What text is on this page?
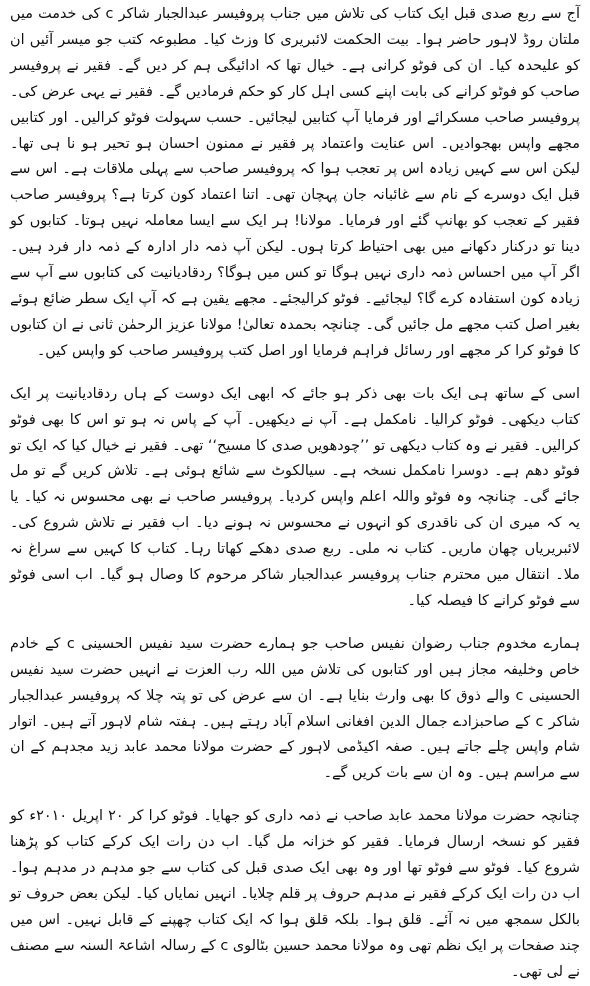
آج سے ربع صدی قبل ایک کتاب کی تلاش میں جناب پروفیسر عبدالجبار شاکر c کی خدمت میں ملتان روڈ لاہور حاضر ہوا۔ بیت الحکمت لائبریری کا وزٹ کیا۔ مطبوعہ کتب جو میسر آئیں ان کو علیحدہ کیا۔ ان کی فوٹو کرانی ہے۔ خیال تھا کہ ادائیگی ہم کر دیں گے۔ فقیر نے پروفیسر صاحب کو فوٹو کرانے کی بابت اپنے کسی اہل کار کو حکم فرمادیں گے۔ فقیر نے یہی عرض کی۔ پروفیسر صاحب مسکرائے اور فرمایا آپ کتابیں لیجائیں۔ حسب سہولت فوٹو کرالیں۔ اور کتابیں مجھے واپس بھجوادیں۔ اس عنایت واعتماد پر فقیر نے ممنون احسان ہو تحیر ہو نا ہی تھا۔ لیکن اس سے کہیں زیادہ اس پر تعجب ہوا کہ پروفیسر صاحب سے پہلی ملاقات ہے۔ اس سے قبل ایک دوسرے کے نام سے غائبانہ جان پہچان تھی۔ اتنا اعتماد کون کرتا ہے؟ پروفیسر صاحب فقیر کے تعجب کو بھانپ گئے اور فرمایا۔ مولانا! ہر ایک سے ایسا معاملہ نہیں ہوتا۔ کتابوں کو دینا تو درکنار دکھانے میں بھی احتیاط کرتا ہوں۔ لیکن آپ ذمہ دار ادارہ کے ذمہ دار فرد ہیں۔ اگر آپ میں احساس ذمہ داری نہیں ہوگا تو کس میں ہوگا؟ ردقادیانیت کی کتابوں سے آپ سے زیادہ کون استفادہ کرے گا؟ لیجائیے۔ فوٹو کرالیجئے۔ مجھے یقین ہے کہ آپ ایک سطر ضائع ہوئے بغیر اصل کتب مجھے مل جائیں گی۔ چنانچہ بحمدہ تعالیٰ! مولانا عزیز الرحمٰن ثانی نے ان کتابوں کا فوٹو کرا کر مجھے اور رسائل فراہم فرمایا اور اصل کتب پروفیسر صاحب کو واپس کیں۔

اسی کے ساتھ ہی ایک بات بھی ذکر ہو جائے کہ ابھی ایک دوست کے ہاں ردقادیانیت پر ایک کتاب دیکھی۔ فوٹو کرالیا۔ نامکمل ہے۔ آپ نے دیکھیں۔ آپ کے پاس نہ ہو تو اس کا بھی فوٹو کرالیں۔ فقیر نے وہ کتاب دیکھی تو ’’چودھویں صدی کا مسیح‘‘ تھی۔ فقیر نے خیال کیا کہ ایک تو فوٹو دھم ہے۔ دوسرا نامکمل نسخہ ہے۔ سیالکوٹ سے شائع ہوئی ہے۔ تلاش کریں گے تو مل جائے گی۔ چنانچہ وہ فوٹو واللہ اعلم واپس کردیا۔ پروفیسر صاحب نے بھی محسوس نہ کیا۔ یا یہ کہ میری ان کی ناقدری کو انہوں نے محسوس نہ ہونے دیا۔ اب فقیر نے تلاش شروع کی۔ لائبریریاں چھان ماریں۔ کتاب نہ ملی۔ ربع صدی دھکے کھاتا رہا۔ کتاب کا کہیں سے سراغ نہ ملا۔ انتقال میں محترم جناب پروفیسر عبدالجبار شاکر مرحوم کا وصال ہو گیا۔ اب اسی فوٹو سے فوٹو کرانے کا فیصلہ کیا۔

ہمارے مخدوم جناب رضوان نفیس صاحب جو ہمارے حضرت سید نفیس الحسینی c کے خادم خاص وخلیفہ مجاز ہیں اور کتابوں کی تلاش میں اللہ رب العزت نے انہیں حضرت سید نفیس الحسینی c والے ذوق کا بھی وارث بنایا ہے۔ ان سے عرض کی تو پتہ چلا کہ پروفیسر عبدالجبار شاکر c کے صاحبزادے جمال الدین افغانی اسلام آباد رہتے ہیں۔ ہفتہ شام لاہور آتے ہیں۔ اتوار شام واپس چلے جاتے ہیں۔ صفہ اکیڈمی لاہور کے حضرت مولانا محمد عابد زید مجدہم کے ان سے مراسم ہیں۔ وہ ان سے بات کریں گے۔

چنانچہ حضرت مولانا محمد عابد صاحب نے ذمہ داری کو جھایا۔ فوٹو کرا کر ۲۰ اپریل ۲۰۱۰ء کو فقیر کو نسخہ ارسال فرمایا۔ فقیر کو خزانہ مل گیا۔ اب دن رات ایک کرکے کتاب کو پڑھنا شروع کیا۔ فوٹو سے فوٹو تھا اور وہ بھی ایک صدی قبل کی کتاب سے جو مدہم در مدہم ہوا۔ اب دن رات ایک کرکے فقیر نے مدہم حروف پر قلم چلایا۔ انہیں نمایاں کیا۔ لیکن بعض حروف تو بالکل سمجھ میں نہ آئے۔ قلق ہوا۔ بلکہ قلق ہوا کہ ایک کتاب چھپنے کے قابل نہیں۔ اس میں چند صفحات پر ایک نظم تھی وہ مولانا محمد حسین بٹالوی c کے رسالہ اشاعۃ السنہ سے مصنف نے لی تھی۔
